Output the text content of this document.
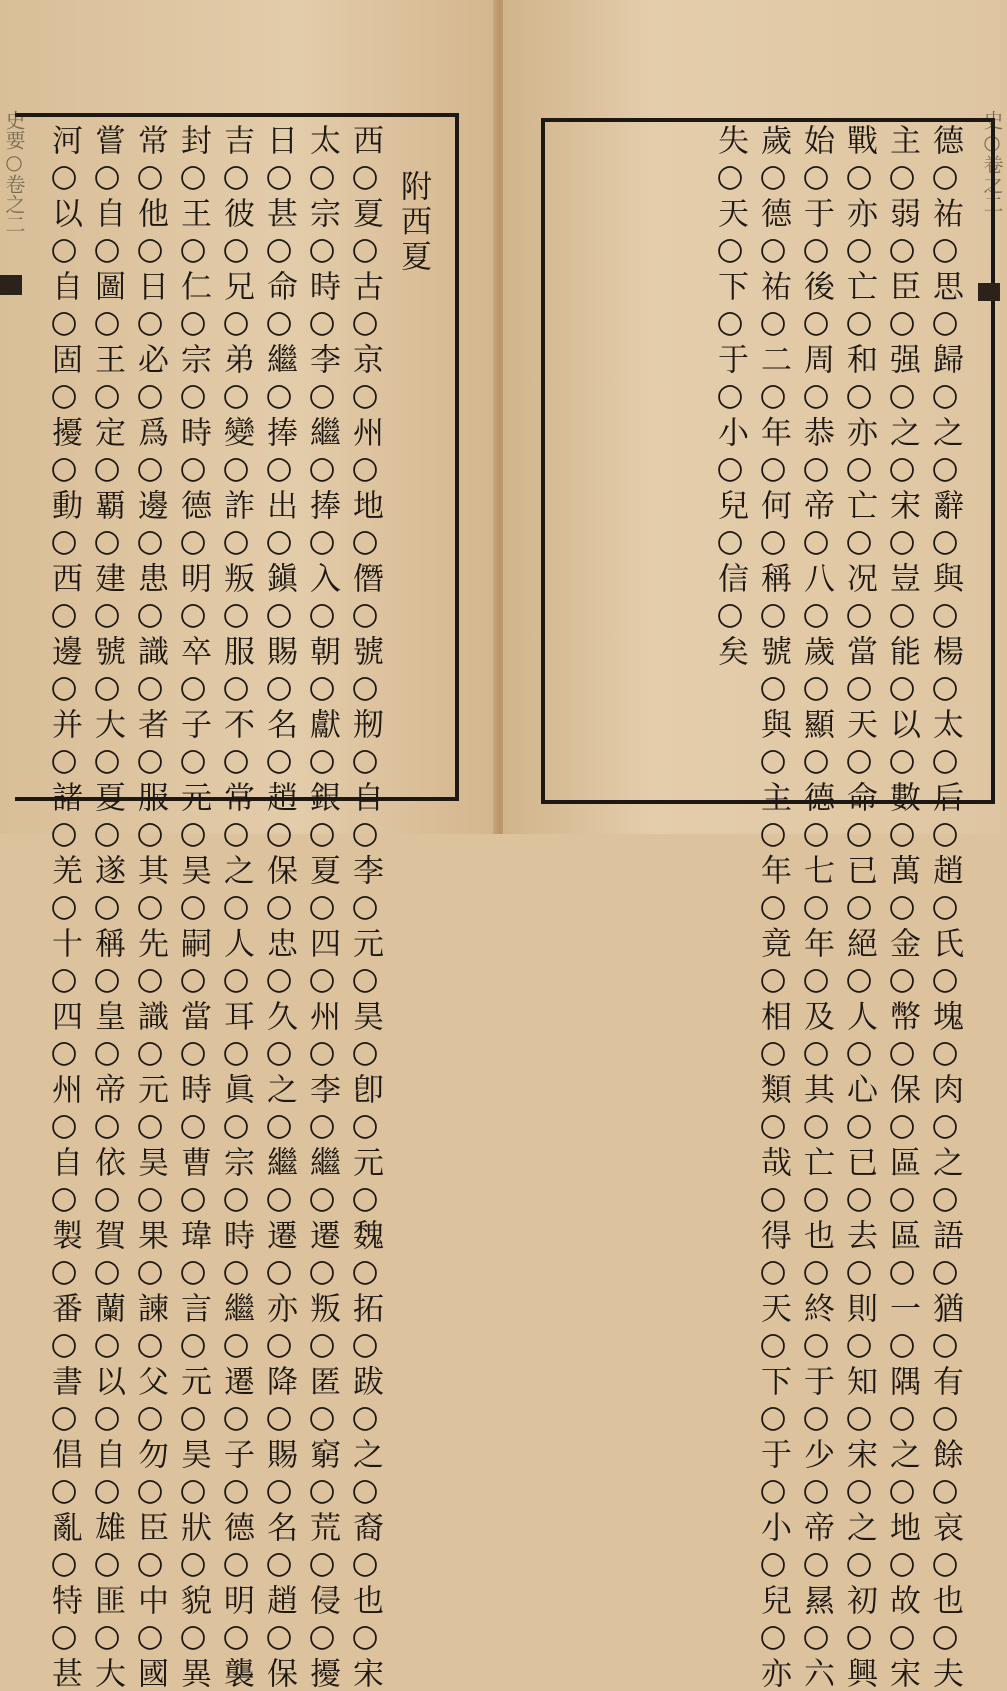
史要○卷之二	史○卷之二
附西夏
西○夏○古○京○州○地○僭○號○剏○自○李○元○昊○卽○元○魏○拓○跋○之○裔○也○宋
太○宗○時○李○繼○捧○入○朝○獻○銀○夏○四○州○李○繼○遷○叛○匿○窮○荒○侵○擾
日○甚○命○繼○捧○出○鎭○賜○名○趙○保○忠○久○之○繼○遷○亦○降○賜○名○趙○保
吉○彼○兄○弟○變○詐○叛○服○不○常○之○人○耳○眞○宗○時○繼○遷○子○德○明○襲
封○王○仁○宗○時○德○明○卒○子○元○昊○嗣○當○時○曹○瑋○言○元○昊○狀○貌○異
常○他○日○必○爲○邊○患○識○者○服○其○先○識○元○昊○果○諫○父○勿○臣○中○國
嘗○自○圖○王○定○覇○建○號○大○夏○遂○稱○皇○帝○依○賀○蘭○以○自○雄○匪○大
河○以○自○固○擾○動○西○邊○并○諸○羌○十○四○州○自○製○番○書○倡○亂○特○甚	德○祐○思○歸○之○辭○與○楊○太○后○趙○氏○塊○肉○之○語○猶○有○餘○哀○也○夫
主○弱○臣○强○之○宋○豈○能○以○數○萬○金○幣○保○區○區○一○隅○之○地○故○宋
戰○亦○亡○和○亦○亡○况○當○天○命○已○絕○人○心○已○去○則○知○宋○之○初○興
始○于○後○周○恭○帝○八○歲○顯○德○七○年○及○其○亡○也○終○于○少○帝○㬎○六
歲○德○祐○二○年○何○稱○號○與○主○年○竟○相○類○哉○得○天○下○于○小○兒○亦
失○天○下○于○小○兒○信○矣
